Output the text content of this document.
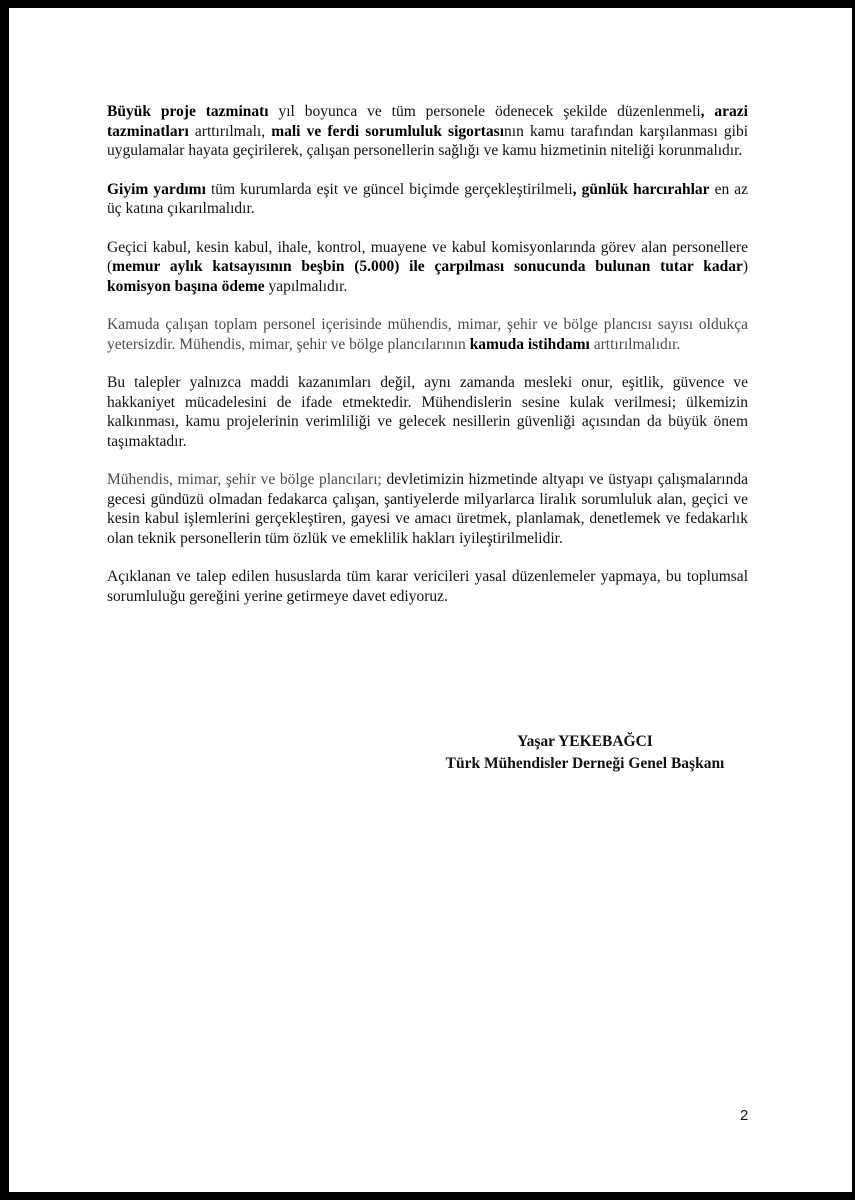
Büyük proje tazminatı yıl boyunca ve tüm personele ödenecek şekilde düzenlenmeli, arazi tazminatları arttırılmalı, mali ve ferdi sorumluluk sigortasının kamu tarafından karşılanması gibi uygulamalar hayata geçirilerek, çalışan personellerin sağlığı ve kamu hizmetinin niteliği korunmalıdır.

Giyim yardımı tüm kurumlarda eşit ve güncel biçimde gerçekleştirilmeli, günlük harcırahlar en az üç katına çıkarılmalıdır.

Geçici kabul, kesin kabul, ihale, kontrol, muayene ve kabul komisyonlarında görev alan personellere (memur aylık katsayısının beşbin (5.000) ile çarpılması sonucunda bulunan tutar kadar) komisyon başına ödeme yapılmalıdır.

Kamuda çalışan toplam personel içerisinde mühendis, mimar, şehir ve bölge plancısı sayısı oldukça yetersizdir. Mühendis, mimar, şehir ve bölge plancılarının kamuda istihdamı arttırılmalıdır.

Bu talepler yalnızca maddi kazanımları değil, aynı zamanda mesleki onur, eşitlik, güvence ve hakkaniyet mücadelesini de ifade etmektedir. Mühendislerin sesine kulak verilmesi; ülkemizin kalkınması, kamu projelerinin verimliliği ve gelecek nesillerin güvenliği açısından da büyük önem taşımaktadır.

Mühendis, mimar, şehir ve bölge plancıları; devletimizin hizmetinde altyapı ve üstyapı çalışmalarında gecesi gündüzü olmadan fedakarca çalışan, şantiyelerde milyarlarca liralık sorumluluk alan, geçici ve kesin kabul işlemlerini gerçekleştiren, gayesi ve amacı üretmek, planlamak, denetlemek ve fedakarlık olan teknik personellerin tüm özlük ve emeklilik hakları iyileştirilmelidir.

Açıklanan ve talep edilen hususlarda tüm karar vericileri yasal düzenlemeler yapmaya, bu toplumsal sorumluluğu gereğini yerine getirmeye davet ediyoruz.

Yaşar YEKEBAĞCI
Türk Mühendisler Derneği Genel Başkanı
2
